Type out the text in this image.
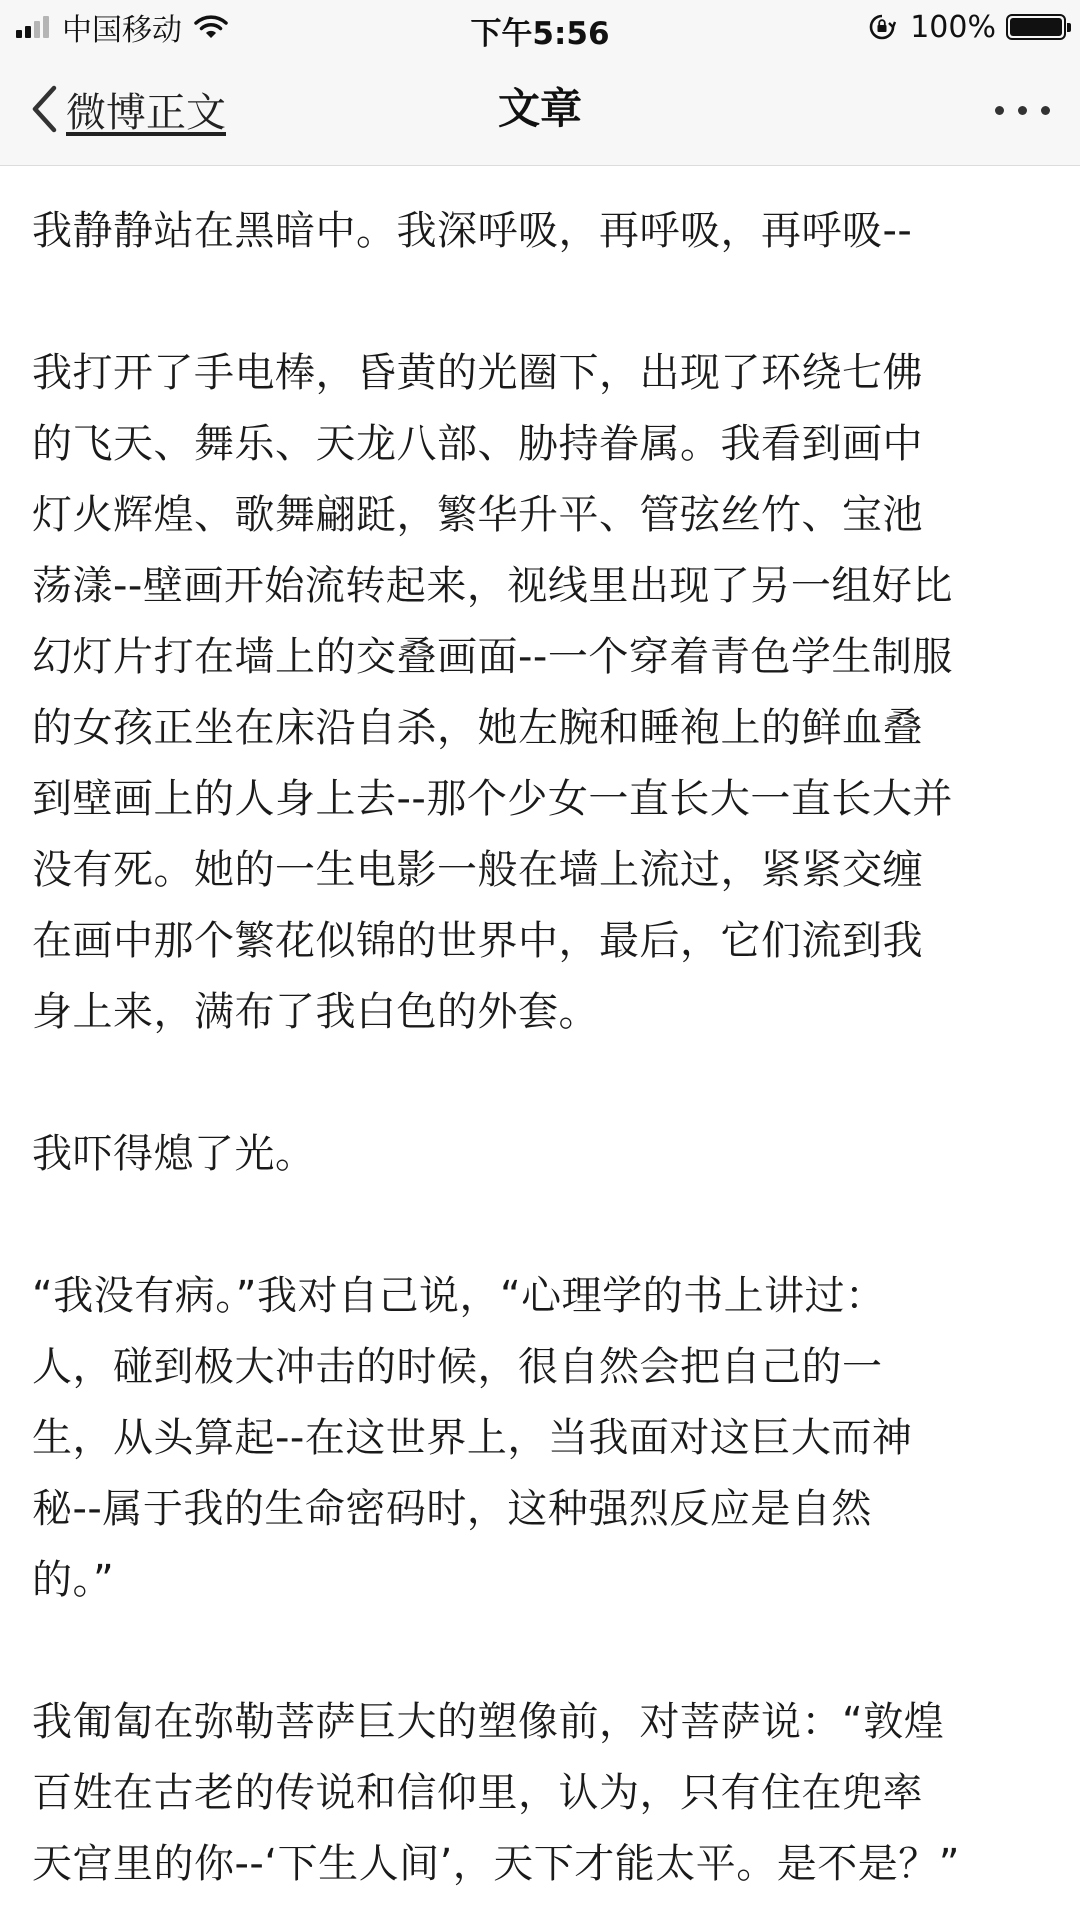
中国移动	下午5:56	100%
微博正文	文章

我静静站在黑暗中。我深呼吸，再呼吸，再呼吸--

我打开了手电棒，昏黄的光圈下，出现了环绕七佛
的飞天、舞乐、天龙八部、胁持眷属。我看到画中
灯火辉煌、歌舞翩跹，繁华升平、管弦丝竹、宝池
荡漾--壁画开始流转起来，视线里出现了另一组好比
幻灯片打在墙上的交叠画面--一个穿着青色学生制服
的女孩正坐在床沿自杀，她左腕和睡袍上的鲜血叠
到壁画上的人身上去--那个少女一直长大一直长大并
没有死。她的一生电影一般在墙上流过，紧紧交缠
在画中那个繁花似锦的世界中，最后，它们流到我
身上来，满布了我白色的外套。

我吓得熄了光。

“我没有病。”我对自己说，“心理学的书上讲过：
人，碰到极大冲击的时候，很自然会把自己的一
生，从头算起--在这世界上，当我面对这巨大而神
秘--属于我的生命密码时，这种强烈反应是自然
的。”

我匍匐在弥勒菩萨巨大的塑像前，对菩萨说：“敦煌
百姓在古老的传说和信仰里，认为，只有住在兜率
天宫里的你--‘下生人间’，天下才能太平。是不是？”
